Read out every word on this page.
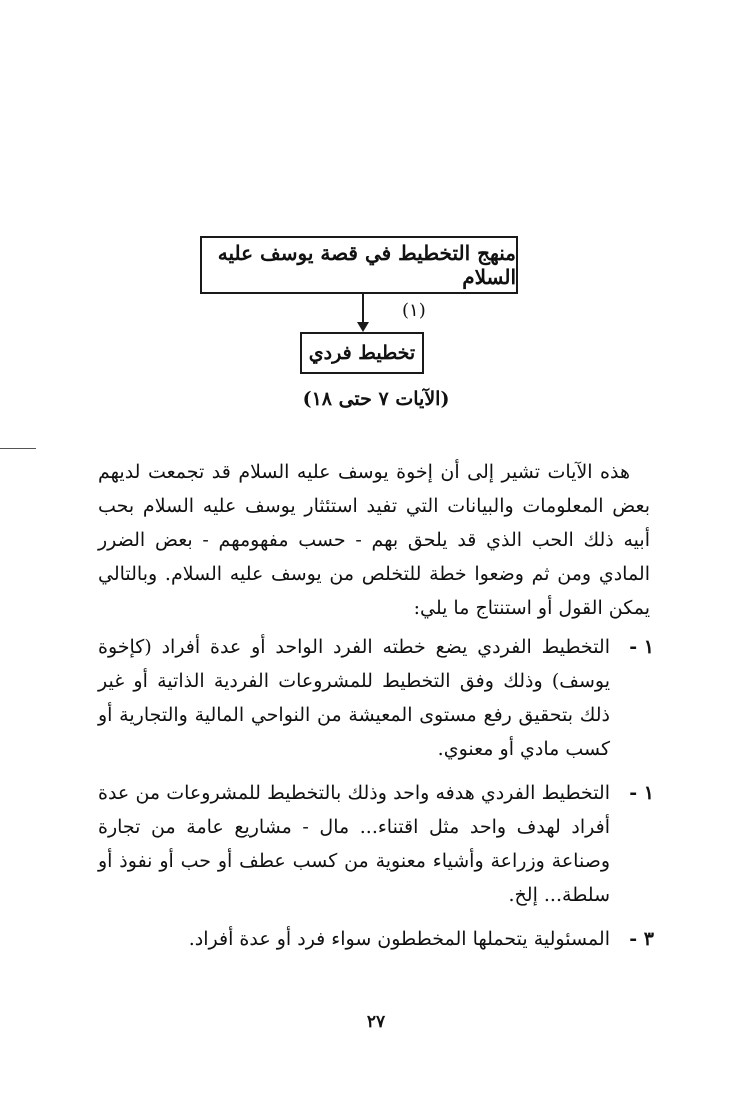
منهج التخطيط في قصة يوسف عليه السلام
(١)
تخطيط فردي
(الآيات ٧ حتى ١٨)

هذه الآيات تشير إلى أن إخوة يوسف عليه السلام قد تجمعت لديهم بعض المعلومات والبيانات التي تفيد استئثار يوسف عليه السلام بحب أبيه ذلك الحب الذي قد يلحق بهم - حسب مفهومهم - بعض الضرر المادي ومن ثم وضعوا خطة للتخلص من يوسف عليه السلام. وبالتالي يمكن القول أو استنتاج ما يلي:

١ -
التخطيط الفردي يضع خطته الفرد الواحد أو عدة أفراد (كإخوة يوسف) وذلك وفق التخطيط للمشروعات الفردية الذاتية أو غير ذلك بتحقيق رفع مستوى المعيشة من النواحي المالية والتجارية أو كسب مادي أو معنوي.
١ -
التخطيط الفردي هدفه واحد وذلك بالتخطيط للمشروعات من عدة أفراد لهدف واحد مثل اقتناء... مال - مشاريع عامة من تجارة وصناعة وزراعة وأشياء معنوية من كسب عطف أو حب أو نفوذ أو سلطة... إلخ.
٣ -
المسئولية يتحملها المخططون سواء فرد أو عدة أفراد.
٢٧
